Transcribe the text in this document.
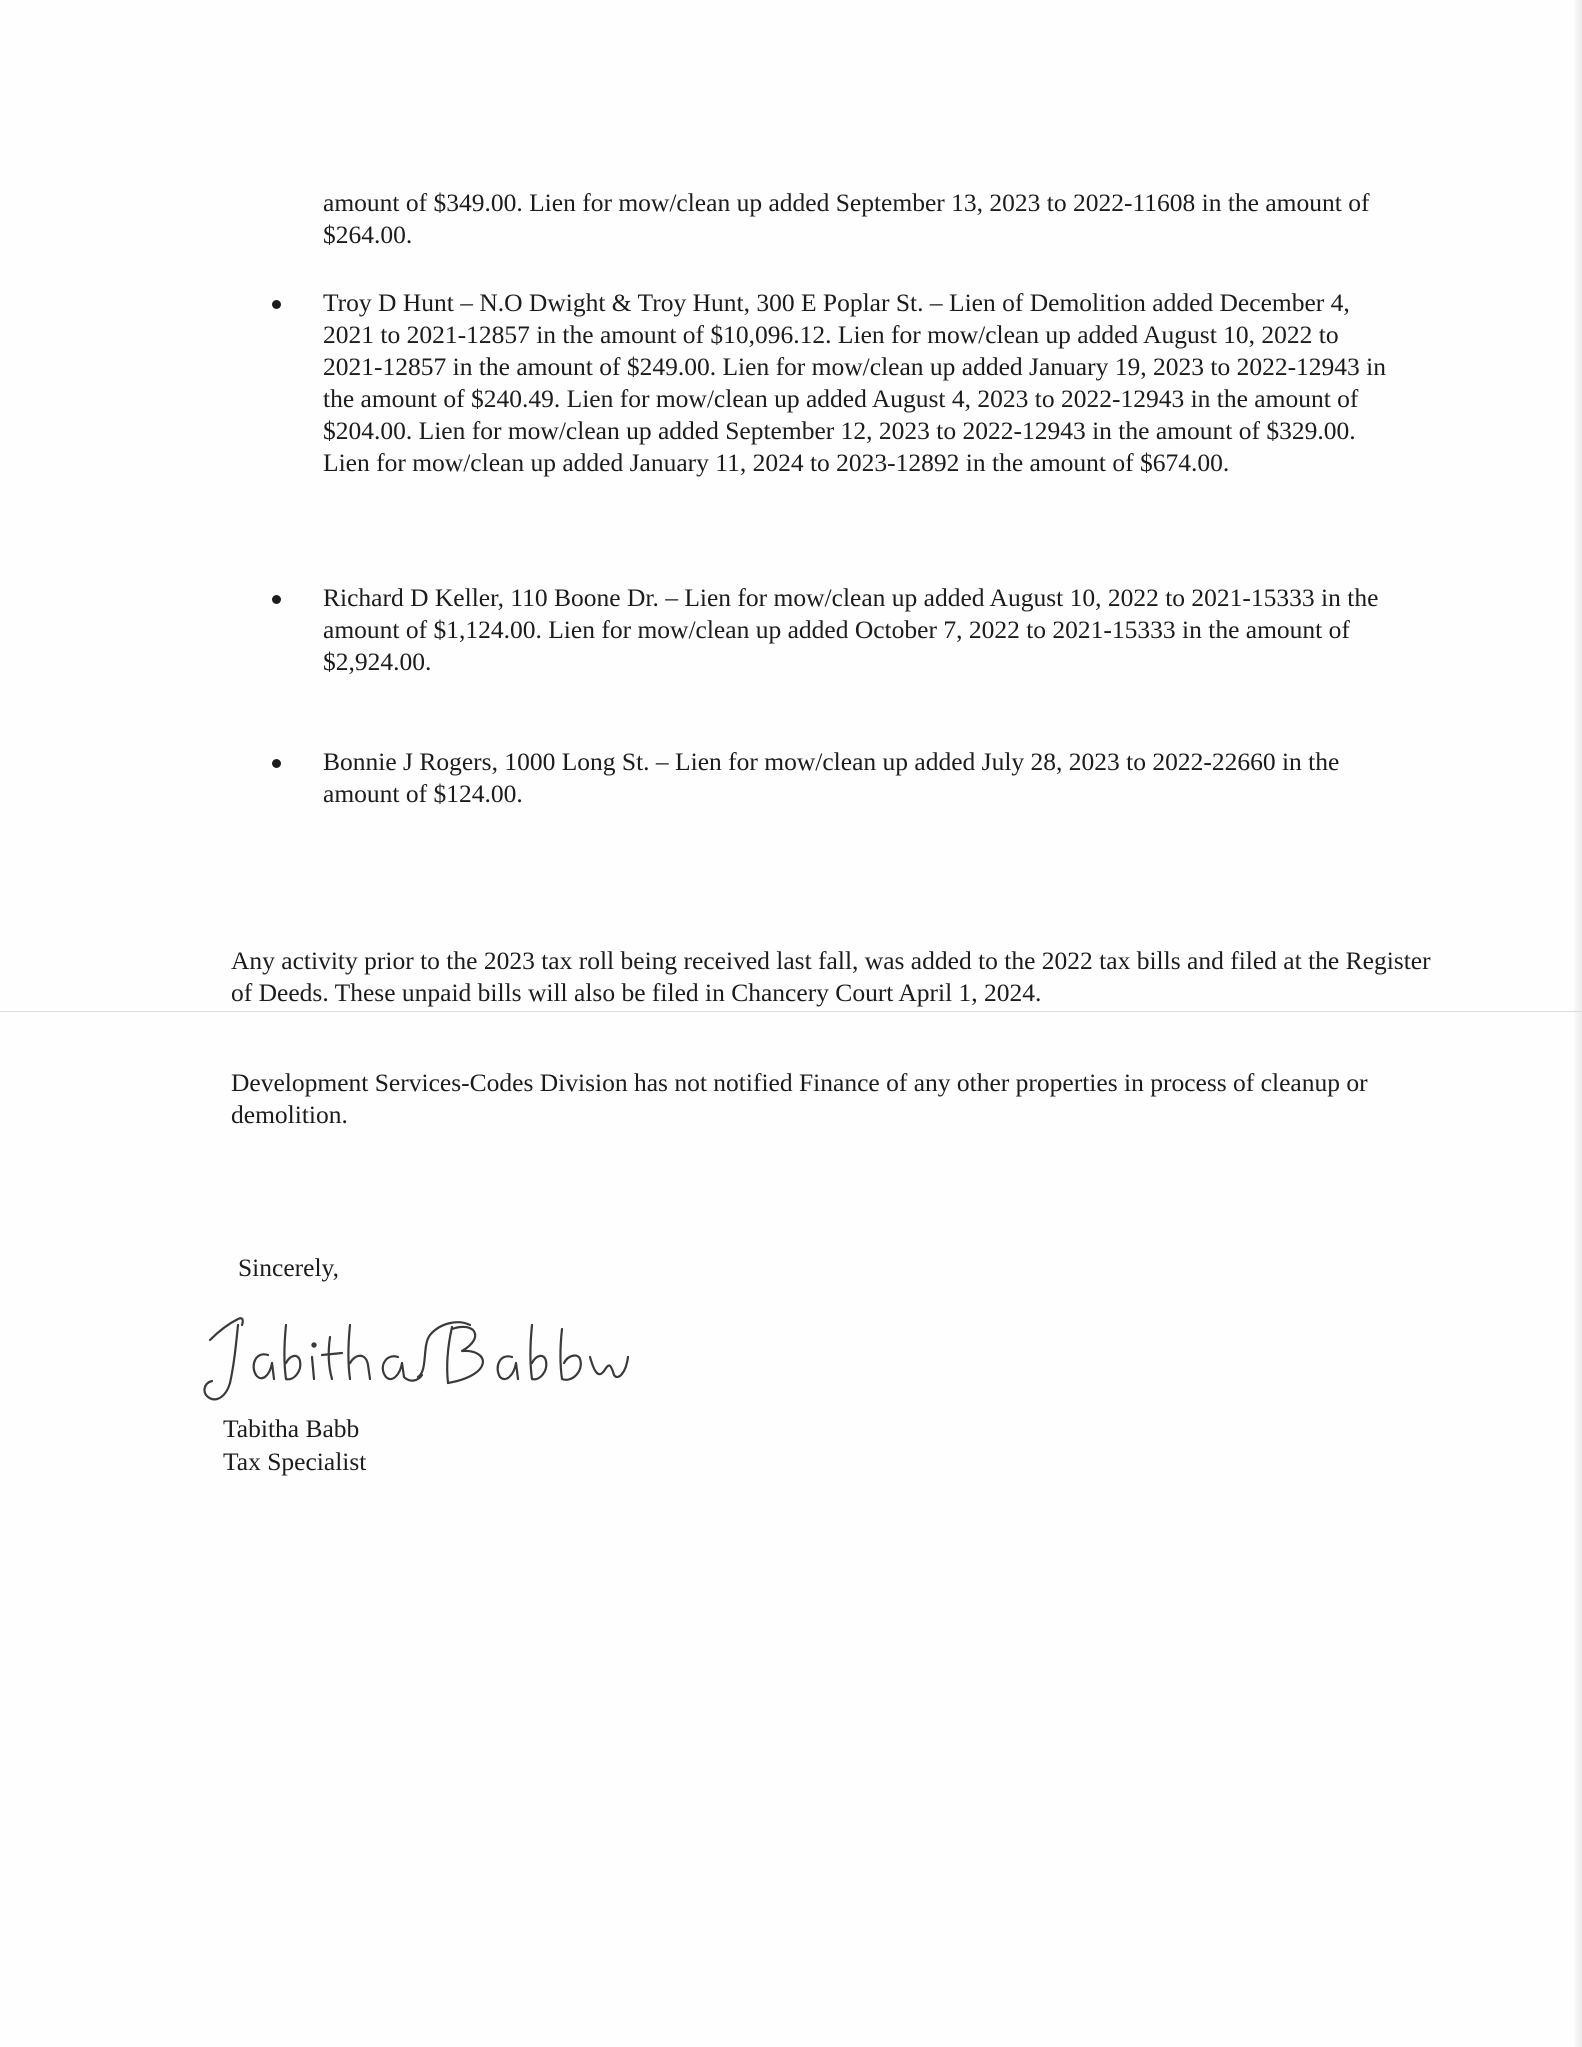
amount of $349.00. Lien for mow/clean up added September 13, 2023 to 2022-11608 in the amount of $264.00.

Troy D Hunt – N.O Dwight & Troy Hunt, 300 E Poplar St. – Lien of Demolition added December 4, 2021 to 2021-12857 in the amount of $10,096.12. Lien for mow/clean up added August 10, 2022 to 2021-12857 in the amount of $249.00. Lien for mow/clean up added January 19, 2023 to 2022-12943 in the amount of $240.49. Lien for mow/clean up added August 4, 2023 to 2022-12943 in the amount of $204.00. Lien for mow/clean up added September 12, 2023 to 2022-12943 in the amount of $329.00. Lien for mow/clean up added January 11, 2024 to 2023-12892 in the amount of $674.00.

Richard D Keller, 110 Boone Dr. – Lien for mow/clean up added August 10, 2022 to 2021-15333 in the amount of $1,124.00. Lien for mow/clean up added October 7, 2022 to 2021-15333 in the amount of $2,924.00.

Bonnie J Rogers, 1000 Long St. – Lien for mow/clean up added July 28, 2023 to 2022-22660 in the amount of $124.00.

Any activity prior to the 2023 tax roll being received last fall, was added to the 2022 tax bills and filed at the Register of Deeds. These unpaid bills will also be filed in Chancery Court April 1, 2024.

Development Services-Codes Division has not notified Finance of any other properties in process of cleanup or demolition.

Sincerely,

Tabitha Babb

Tax Specialist
